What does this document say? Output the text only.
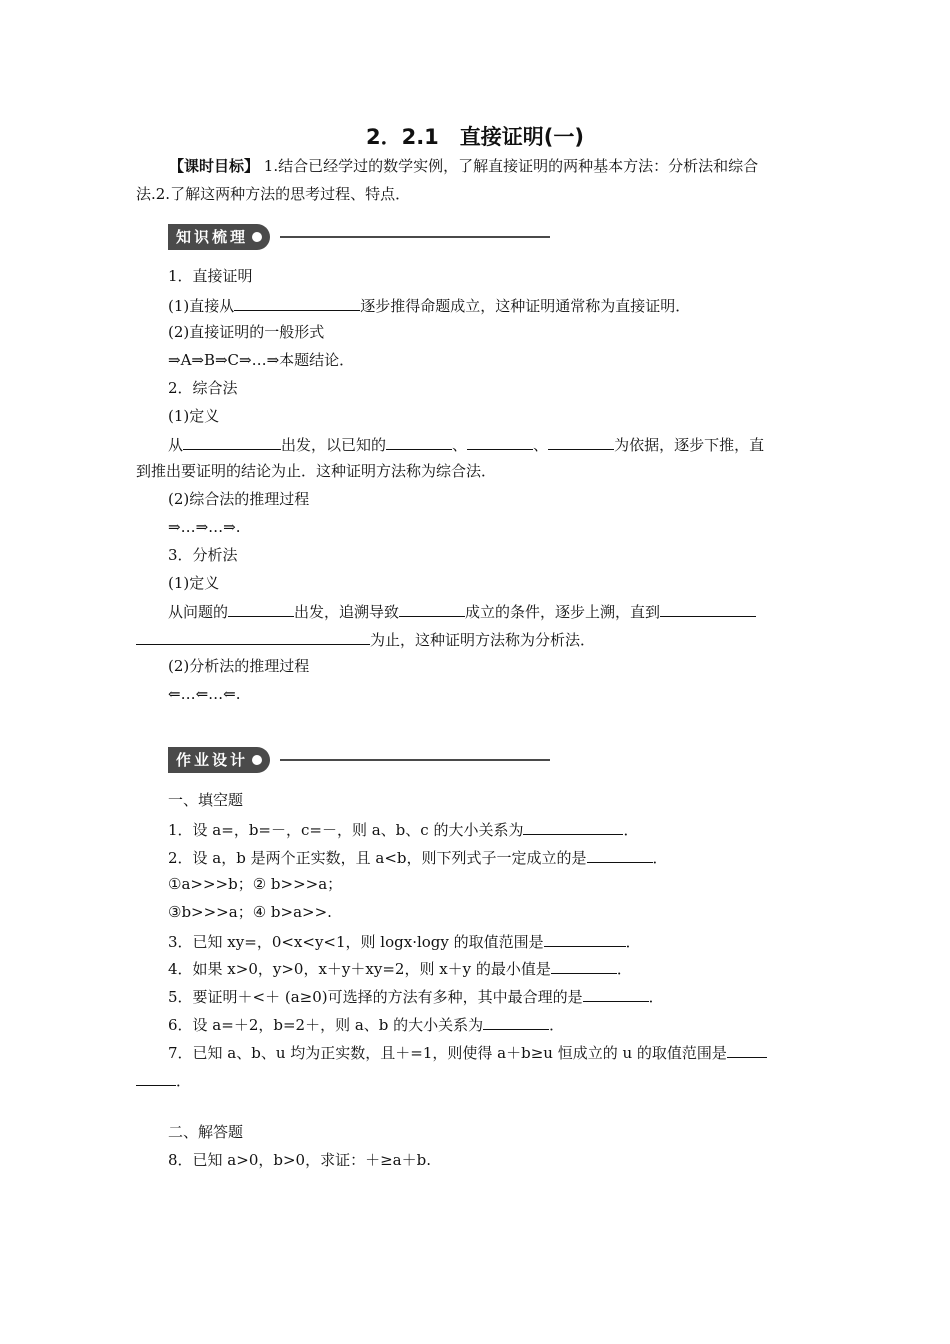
2．2.1　直接证明(一)
【课时目标】 1.结合已经学过的数学实例，了解直接证明的两种基本方法：分析法和综合
法.2.了解这两种方法的思考过程、特点．
知识梳理
1．直接证明
(1)直接从	逐步推得命题成立，这种证明通常称为直接证明．
(2)直接证明的一般形式
⇒A⇒B⇒C⇒…⇒本题结论．
2．综合法
(1)定义
从	出发，以已知的	、	、	为依据，逐步下推，直
到推出要证明的结论为止．这种证明方法称为综合法．
(2)综合法的推理过程
⇒…⇒…⇒.
3．分析法
(1)定义
从问题的	出发，追溯导致	成立的条件，逐步上溯，直到
为止，这种证明方法称为分析法．
(2)分析法的推理过程
⇐…⇐…⇐.
作业设计
一、填空题
1．设 a=，b=－，c=－，则 a、b、c 的大小关系为	．
2．设 a，b 是两个正实数，且 a<b，则下列式子一定成立的是	．
①a>>>b；② b>>>a；
③b>>>a；④ b>a>>.
3．已知 xy=，0<x<y<1，则 logx·logy 的取值范围是	．
4．如果 x>0，y>0，x＋y＋xy=2，则 x＋y 的最小值是	．
5．要证明＋<＋ (a≥0)可选择的方法有多种，其中最合理的是	．
6．设 a=＋2，b=2＋，则 a、b 的大小关系为	．
7．已知 a、b、u 均为正实数，且＋=1，则使得 a＋b≥u 恒成立的 u 的取值范围是
．
二、解答题
8．已知 a>0，b>0，求证：＋≥a＋b.
